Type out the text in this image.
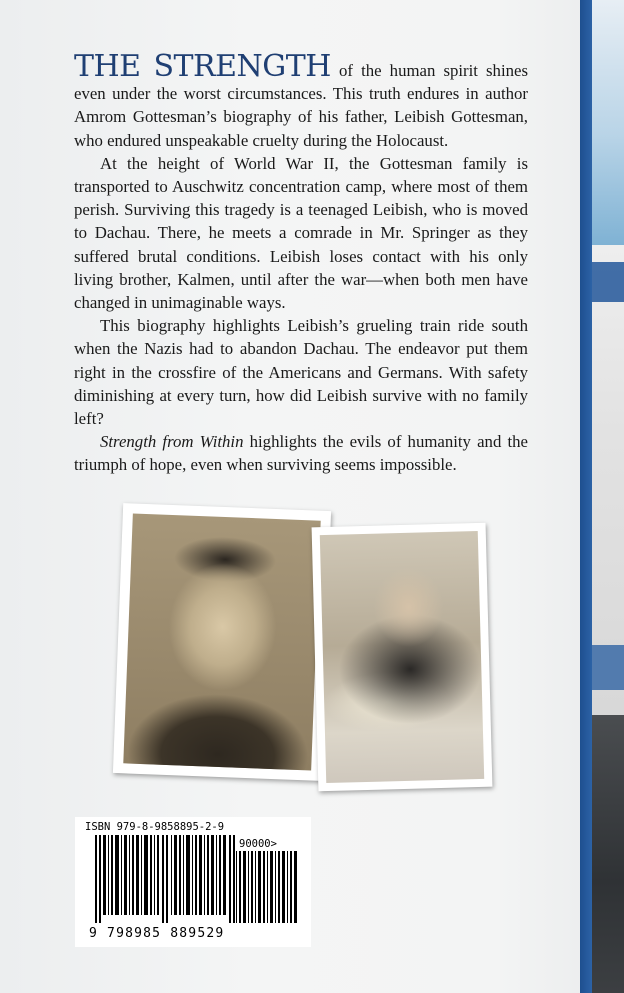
THE STRENGTH of the human spirit shines even under the worst circumstances. This truth endures in author Amrom Gottesman’s biography of his father, Leibish Gottesman, who endured unspeakable cruelty during the Holocaust.

At the height of World War II, the Gottesman family is transported to Auschwitz concentration camp, where most of them perish. Surviving this tragedy is a teenaged Leibish, who is moved to Dachau. There, he meets a comrade in Mr. Springer as they suffered brutal conditions. Leibish loses contact with his only living brother, Kalmen, until after the war—when both men have changed in unimaginable ways.

This biography highlights Leibish’s grueling train ride south when the Nazis had to abandon Dachau. The endeavor put them right in the crossfire of the Americans and Germans. With safety diminishing at every turn, how did Leibish survive with no family left?

Strength from Within highlights the evils of humanity and the triumph of hope, even when surviving seems impossible.

ISBN 979-8-9858895-2-9
90000>
9 798985 889529
